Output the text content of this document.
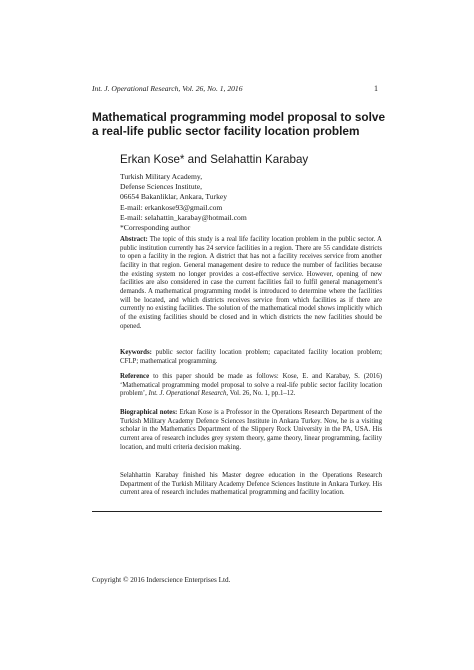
Int. J. Operational Research, Vol. 26, No. 1, 2016	1
Mathematical programming model proposal to solve a real-life public sector facility location problem
Erkan Kose* and Selahattin Karabay
Turkish Military Academy,
Defense Sciences Institute,
06654 Bakanliklar, Ankara, Turkey
E-mail: erkankose93@gmail.com
E-mail: selahattin_karabay@hotmail.com
*Corresponding author
Abstract: The topic of this study is a real life facility location problem in the public sector. A public institution currently has 24 service facilities in a region. There are 55 candidate districts to open a facility in the region. A district that has not a facility receives service from another facility in that region. General management desire to reduce the number of facilities because the existing system no longer provides a cost-effective service. However, opening of new facilities are also considered in case the current facilities fail to fulfil general management’s demands. A mathematical programming model is introduced to determine where the facilities will be located, and which districts receives service from which facilities as if there are currently no existing facilities. The solution of the mathematical model shows implicitly which of the existing facilities should be closed and in which districts the new facilities should be opened.
Keywords: public sector facility location problem; capacitated facility location problem; CFLP; mathematical programming.
Reference to this paper should be made as follows: Kose, E. and Karabay, S. (2016) ‘Mathematical programming model proposal to solve a real-life public sector facility location problem’, Int. J. Operational Research, Vol. 26, No. 1, pp.1–12.
Biographical notes: Erkan Kose is a Professor in the Operations Research Department of the Turkish Military Academy Defence Sciences Institute in Ankara Turkey. Now, he is a visiting scholar in the Mathematics Department of the Slippery Rock University in the PA, USA. His current area of research includes grey system theory, game theory, linear programming, facility location, and multi criteria decision making.
Selahhattin Karabay finished his Master degree education in the Operations Research Department of the Turkish Military Academy Defence Sciences Institute in Ankara Turkey. His current area of research includes mathematical programming and facility location.
Copyright © 2016 Inderscience Enterprises Ltd.
